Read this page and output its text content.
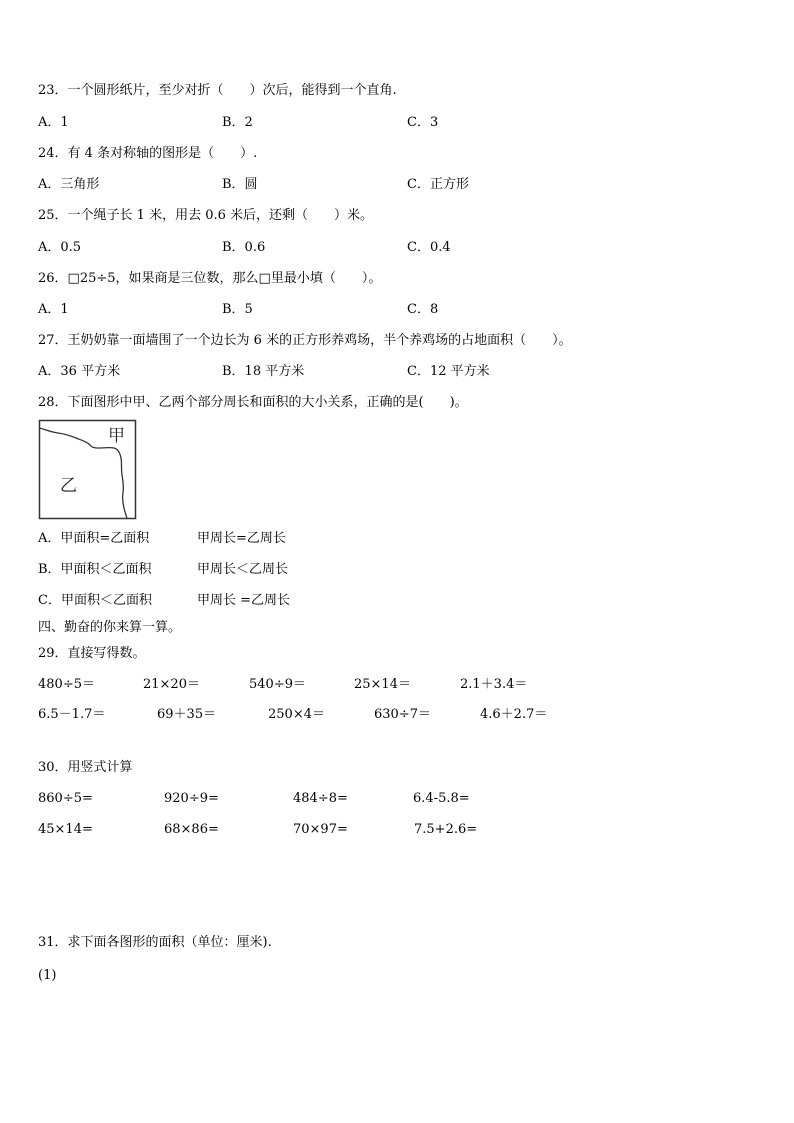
23．一个圆形纸片，至少对折（　　）次后，能得到一个直角.
A．1	B．2	C．3
24．有 4 条对称轴的图形是（　　）.
A．三角形	B．圆	C．正方形
25．一个绳子长 1 米，用去 0.6 米后，还剩（　　）米。
A．0.5	B．0.6	C．0.4
26．□25÷5，如果商是三位数，那么□里最小填（　　）。
A．1	B．5	C．8
27．王奶奶靠一面墙围了一个边长为 6 米的正方形养鸡场，半个养鸡场的占地面积（　　）。
A．36 平方米	B．18 平方米	C．12 平方米
28．下面图形中甲、乙两个部分周长和面积的大小关系，正确的是(　　)。
甲
乙
A．甲面积=乙面积	甲周长=乙周长
B．甲面积＜乙面积	甲周长＜乙周长
C．甲面积＜乙面积	甲周长 =乙周长
四、勤奋的你来算一算。
29．直接写得数。
480÷5＝	21×20＝	540÷9＝	25×14＝	2.1＋3.4＝
6.5－1.7＝	69＋35＝	250×4＝	630÷7＝	4.6＋2.7＝
30．用竖式计算
860÷5=	920÷9=	484÷8=	6.4-5.8=
45×14=	68×86=	70×97=	7.5+2.6=
31．求下面各图形的面积（单位：厘米).
(1)
